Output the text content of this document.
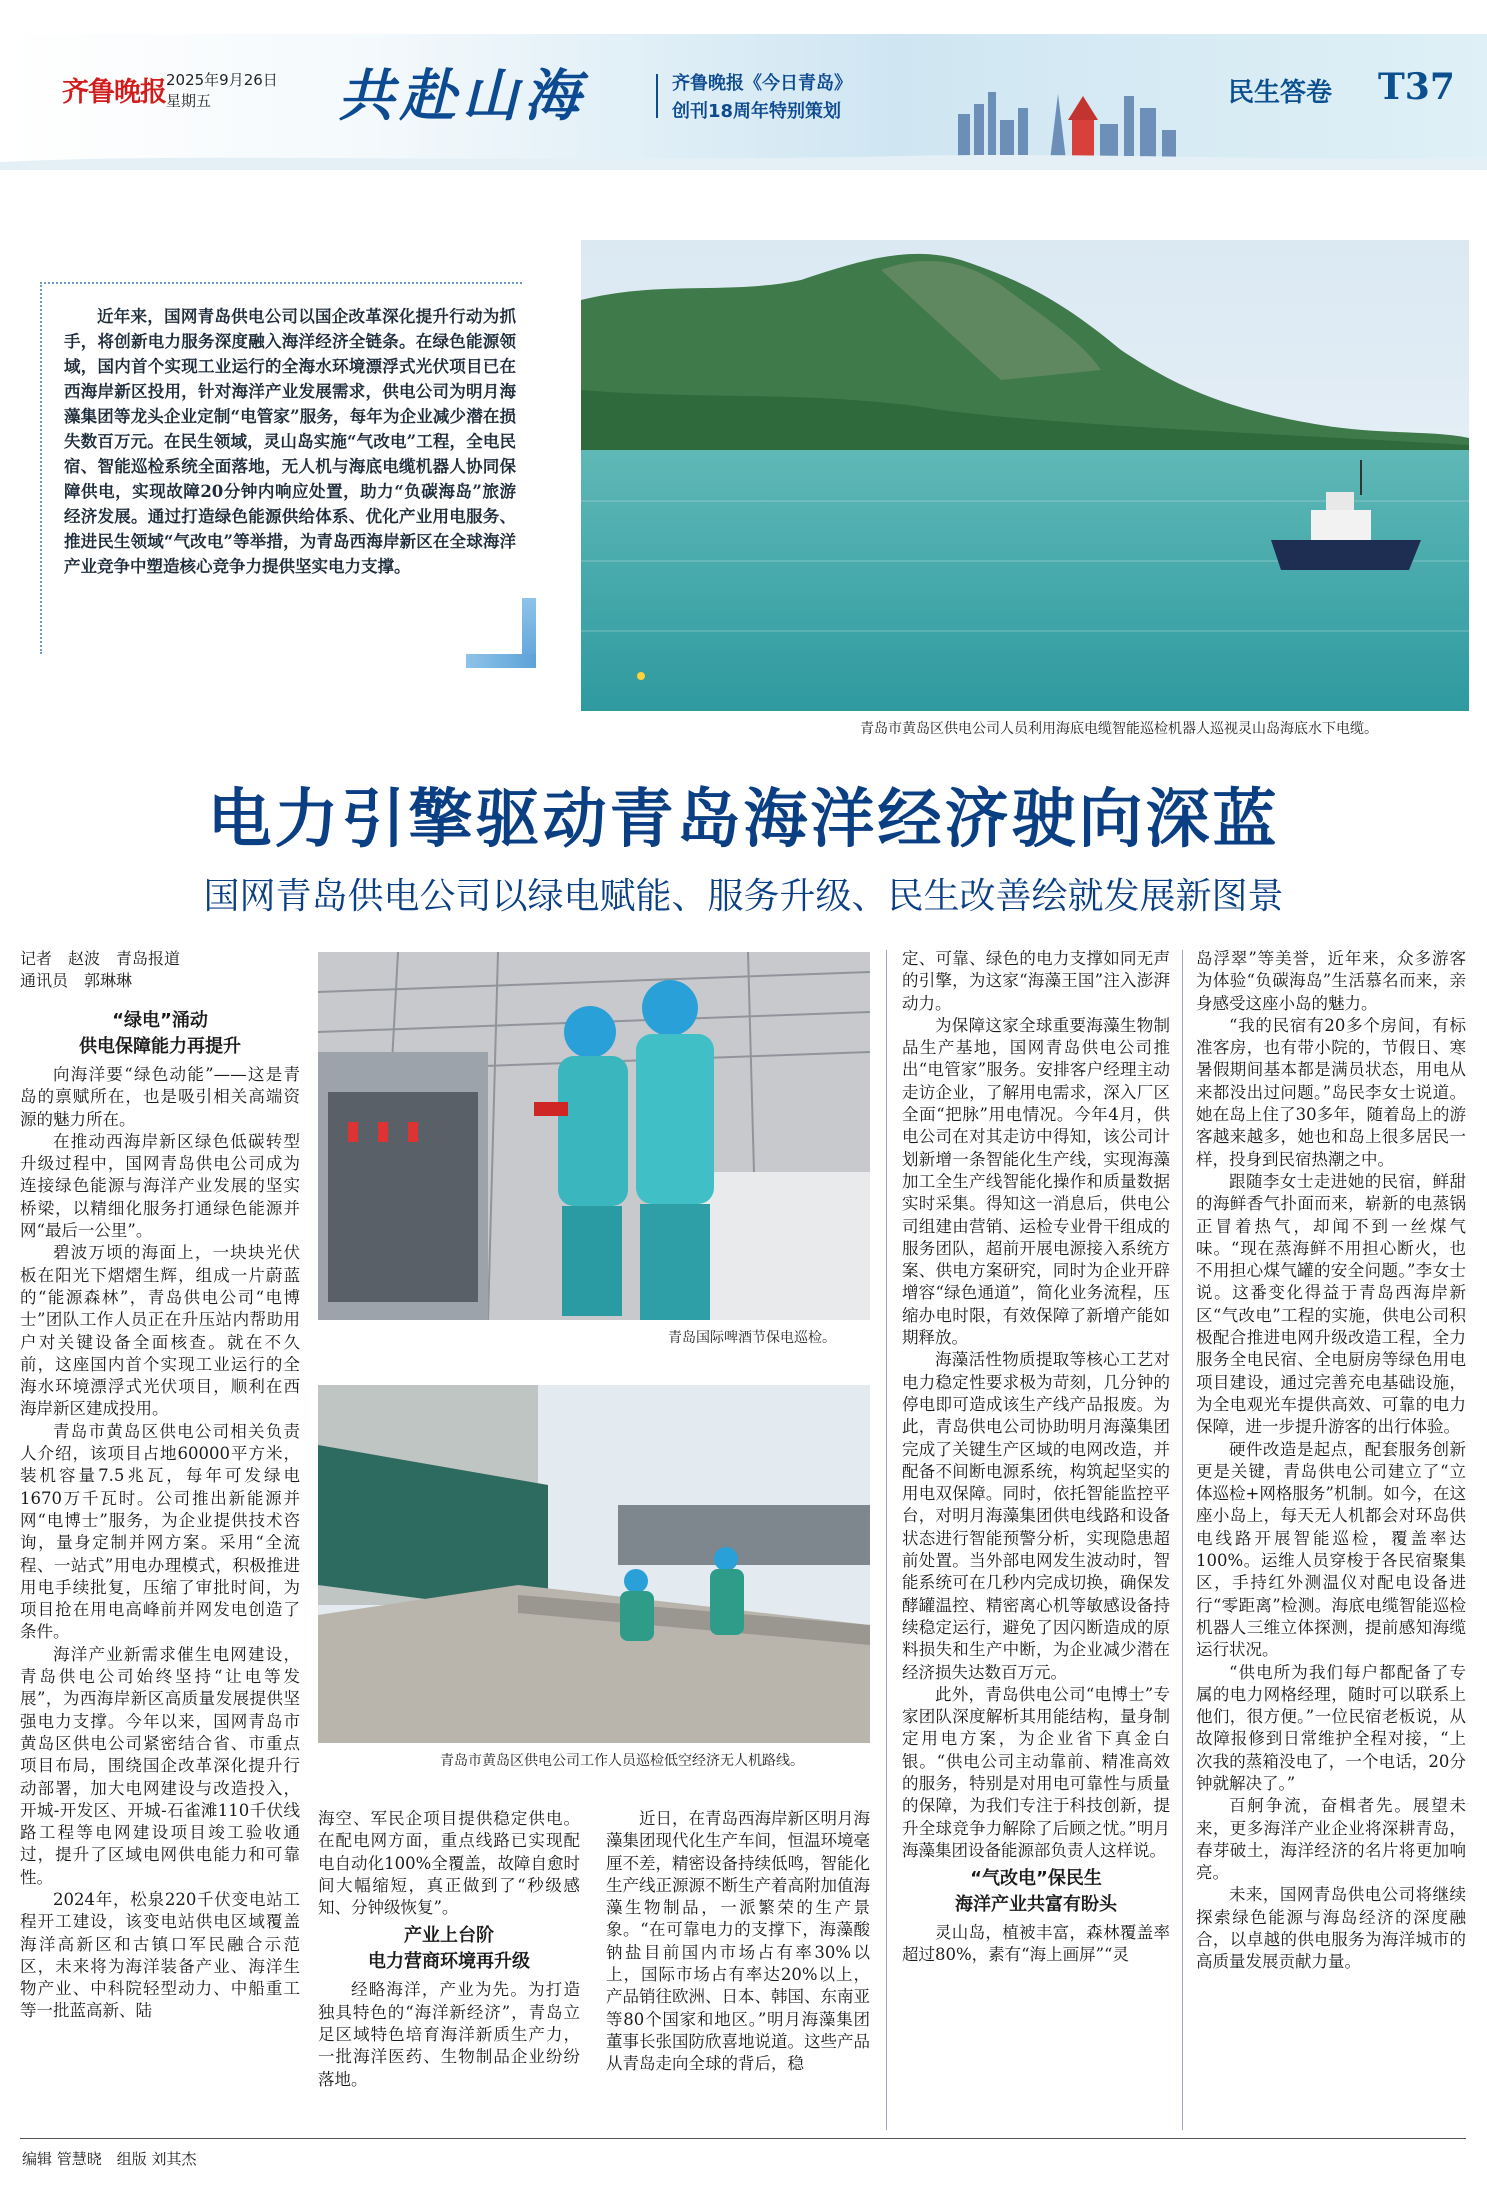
齐鲁晚报 2025年9月26日
星期五	共赴山海	齐鲁晚报《今日青岛》
创刊18周年特别策划
民生答卷 T37

近年来，国网青岛供电公司以国企改革深化提升行动为抓手，将创新电力服务深度融入海洋经济全链条。在绿色能源领域，国内首个实现工业运行的全海水环境漂浮式光伏项目已在西海岸新区投用，针对海洋产业发展需求，供电公司为明月海藻集团等龙头企业定制“电管家”服务，每年为企业减少潜在损失数百万元。在民生领域，灵山岛实施“气改电”工程，全电民宿、智能巡检系统全面落地，无人机与海底电缆机器人协同保障供电，实现故障20分钟内响应处置，助力“负碳海岛”旅游经济发展。通过打造绿色能源供给体系、优化产业用电服务、推进民生领域“气改电”等举措，为青岛西海岸新区在全球海洋产业竞争中塑造核心竞争力提供坚实电力支撑。

青岛市黄岛区供电公司人员利用海底电缆智能巡检机器人巡视灵山岛海底水下电缆。
电力引擎驱动青岛海洋经济驶向深蓝
国网青岛供电公司以绿电赋能、服务升级、民生改善绘就发展新图景
记者　赵波　青岛报道
通讯员　郭琳琳
“绿电”涌动
供电保障能力再提升

向海洋要“绿色动能”——这是青岛的禀赋所在，也是吸引相关高端资源的魅力所在。

在推动西海岸新区绿色低碳转型升级过程中，国网青岛供电公司成为连接绿色能源与海洋产业发展的坚实桥梁，以精细化服务打通绿色能源并网“最后一公里”。

碧波万顷的海面上，一块块光伏板在阳光下熠熠生辉，组成一片蔚蓝的“能源森林”，青岛供电公司“电博士”团队工作人员正在升压站内帮助用户对关键设备全面核查。就在不久前，这座国内首个实现工业运行的全海水环境漂浮式光伏项目，顺利在西海岸新区建成投用。

青岛市黄岛区供电公司相关负责人介绍，该项目占地60000平方米，装机容量7.5兆瓦，每年可发绿电1670万千瓦时。公司推出新能源并网“电博士”服务，为企业提供技术咨询，量身定制并网方案。采用“全流程、一站式”用电办理模式，积极推进用电手续批复，压缩了审批时间，为项目抢在用电高峰前并网发电创造了条件。

海洋产业新需求催生电网建设，青岛供电公司始终坚持“让电等发展”，为西海岸新区高质量发展提供坚强电力支撑。今年以来，国网青岛市黄岛区供电公司紧密结合省、市重点项目布局，围绕国企改革深化提升行动部署，加大电网建设与改造投入，开城-开发区、开城-石雀滩110千伏线路工程等电网建设项目竣工验收通过，提升了区域电网供电能力和可靠性。

2024年，松泉220千伏变电站工程开工建设，该变电站供电区域覆盖海洋高新区和古镇口军民融合示范区，未来将为海洋装备产业、海洋生物产业、中科院轻型动力、中船重工等一批蓝高新、陆

青岛国际啤酒节保电巡检。
青岛市黄岛区供电公司工作人员巡检低空经济无人机路线。

海空、军民企项目提供稳定供电。在配电网方面，重点线路已实现配电自动化100%全覆盖，故障自愈时间大幅缩短，真正做到了“秒级感知、分钟级恢复”。

产业上台阶
电力营商环境再升级

经略海洋，产业为先。为打造独具特色的“海洋新经济”，青岛立足区域特色培育海洋新质生产力，一批海洋医药、生物制品企业纷纷落地。

近日，在青岛西海岸新区明月海藻集团现代化生产车间，恒温环境毫厘不差，精密设备持续低鸣，智能化生产线正源源不断生产着高附加值海藻生物制品，一派繁荣的生产景象。“在可靠电力的支撑下，海藻酸钠盐目前国内市场占有率30%以上，国际市场占有率达20%以上，产品销往欧洲、日本、韩国、东南亚等80个国家和地区。”明月海藻集团董事长张国防欣喜地说道。这些产品从青岛走向全球的背后，稳

定、可靠、绿色的电力支撑如同无声的引擎，为这家“海藻王国”注入澎湃动力。

为保障这家全球重要海藻生物制品生产基地，国网青岛供电公司推出“电管家”服务。安排客户经理主动走访企业，了解用电需求，深入厂区全面“把脉”用电情况。今年4月，供电公司在对其走访中得知，该公司计划新增一条智能化生产线，实现海藻加工全生产线智能化操作和质量数据实时采集。得知这一消息后，供电公司组建由营销、运检专业骨干组成的服务团队，超前开展电源接入系统方案、供电方案研究，同时为企业开辟增容“绿色通道”，简化业务流程，压缩办电时限，有效保障了新增产能如期释放。

海藻活性物质提取等核心工艺对电力稳定性要求极为苛刻，几分钟的停电即可造成该生产线产品报废。为此，青岛供电公司协助明月海藻集团完成了关键生产区域的电网改造，并配备不间断电源系统，构筑起坚实的用电双保障。同时，依托智能监控平台，对明月海藻集团供电线路和设备状态进行智能预警分析，实现隐患超前处置。当外部电网发生波动时，智能系统可在几秒内完成切换，确保发酵罐温控、精密离心机等敏感设备持续稳定运行，避免了因闪断造成的原料损失和生产中断，为企业减少潜在经济损失达数百万元。

此外，青岛供电公司“电博士”专家团队深度解析其用能结构，量身制定用电方案，为企业省下真金白银。“供电公司主动靠前、精准高效的服务，特别是对用电可靠性与质量的保障，为我们专注于科技创新，提升全球竞争力解除了后顾之忧。”明月海藻集团设备能源部负责人这样说。

“气改电”保民生
海洋产业共富有盼头

灵山岛，植被丰富，森林覆盖率超过80%，素有“海上画屏”“灵

岛浮翠”等美誉，近年来，众多游客为体验“负碳海岛”生活慕名而来，亲身感受这座小岛的魅力。

“我的民宿有20多个房间，有标准客房，也有带小院的，节假日、寒暑假期间基本都是满员状态，用电从来都没出过问题。”岛民李女士说道。她在岛上住了30多年，随着岛上的游客越来越多，她也和岛上很多居民一样，投身到民宿热潮之中。

跟随李女士走进她的民宿，鲜甜的海鲜香气扑面而来，崭新的电蒸锅正冒着热气，却闻不到一丝煤气味。“现在蒸海鲜不用担心断火，也不用担心煤气罐的安全问题。”李女士说。这番变化得益于青岛西海岸新区“气改电”工程的实施，供电公司积极配合推进电网升级改造工程，全力服务全电民宿、全电厨房等绿色用电项目建设，通过完善充电基础设施，为全电观光车提供高效、可靠的电力保障，进一步提升游客的出行体验。

硬件改造是起点，配套服务创新更是关键，青岛供电公司建立了“立体巡检+网格服务”机制。如今，在这座小岛上，每天无人机都会对环岛供电线路开展智能巡检，覆盖率达100%。运维人员穿梭于各民宿聚集区，手持红外测温仪对配电设备进行“零距离”检测。海底电缆智能巡检机器人三维立体探测，提前感知海缆运行状况。

“供电所为我们每户都配备了专属的电力网格经理，随时可以联系上他们，很方便。”一位民宿老板说，从故障报修到日常维护全程对接，“上次我的蒸箱没电了，一个电话，20分钟就解决了。”

百舸争流，奋楫者先。展望未来，更多海洋产业企业将深耕青岛，春芽破土，海洋经济的名片将更加响亮。

未来，国网青岛供电公司将继续探索绿色能源与海岛经济的深度融合，以卓越的供电服务为海洋城市的高质量发展贡献力量。

编辑 管慧晓　组版 刘其杰
